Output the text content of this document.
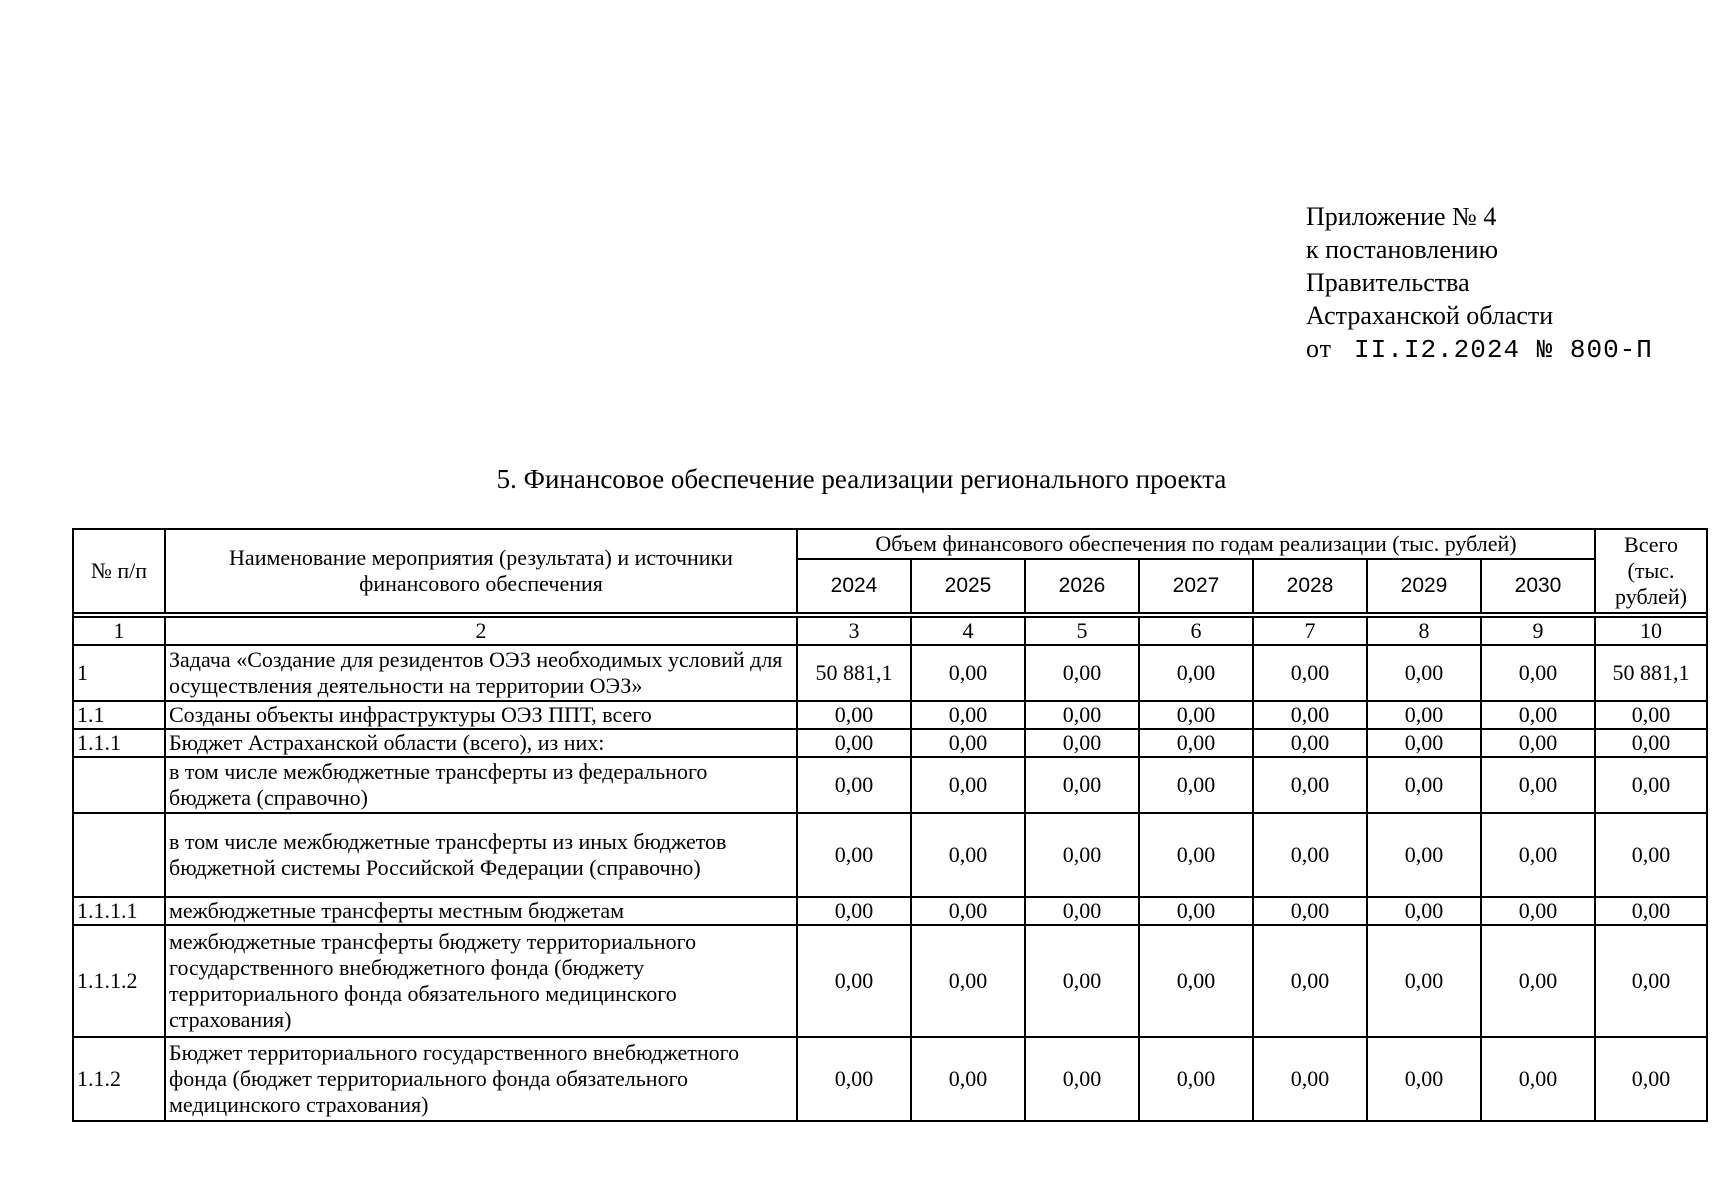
Приложение № 4
к постановлению
Правительства
Астраханской области
от II.I2.2024 № 800-П
5. Финансовое обеспечение реализации регионального проекта
№ п/п	Наименование мероприятия (результата) и источники финансового обеспечения	Объем финансового обеспечения по годам реализации (тыс. рублей)							Всего (тыс. рублей)
		2024	2025	2026	2027	2028	2029	2030	

1	2	3	4	5	6	7	8	9	10
1	Задача «Создание для резидентов ОЭЗ необходимых условий для осуществления деятельности на территории ОЭЗ»	50 881,1	0,00	0,00	0,00	0,00	0,00	0,00	50 881,1
1.1	Созданы объекты инфраструктуры ОЭЗ ППТ, всего	0,00	0,00	0,00	0,00	0,00	0,00	0,00	0,00
1.1.1	Бюджет Астраханской области (всего), из них:	0,00	0,00	0,00	0,00	0,00	0,00	0,00	0,00
	в том числе межбюджетные трансферты из федерального бюджета (справочно)	0,00	0,00	0,00	0,00	0,00	0,00	0,00	0,00
	в том числе межбюджетные трансферты из иных бюджетов бюджетной системы Российской Федерации (справочно)	0,00	0,00	0,00	0,00	0,00	0,00	0,00	0,00
1.1.1.1	межбюджетные трансферты местным бюджетам	0,00	0,00	0,00	0,00	0,00	0,00	0,00	0,00
1.1.1.2	межбюджетные трансферты бюджету территориального государственного внебюджетного фонда (бюджету территориального фонда обязательного медицинского страхования)	0,00	0,00	0,00	0,00	0,00	0,00	0,00	0,00
1.1.2	Бюджет территориального государственного внебюджетного фонда (бюджет территориального фонда обязательного медицинского страхования)	0,00	0,00	0,00	0,00	0,00	0,00	0,00	0,00
